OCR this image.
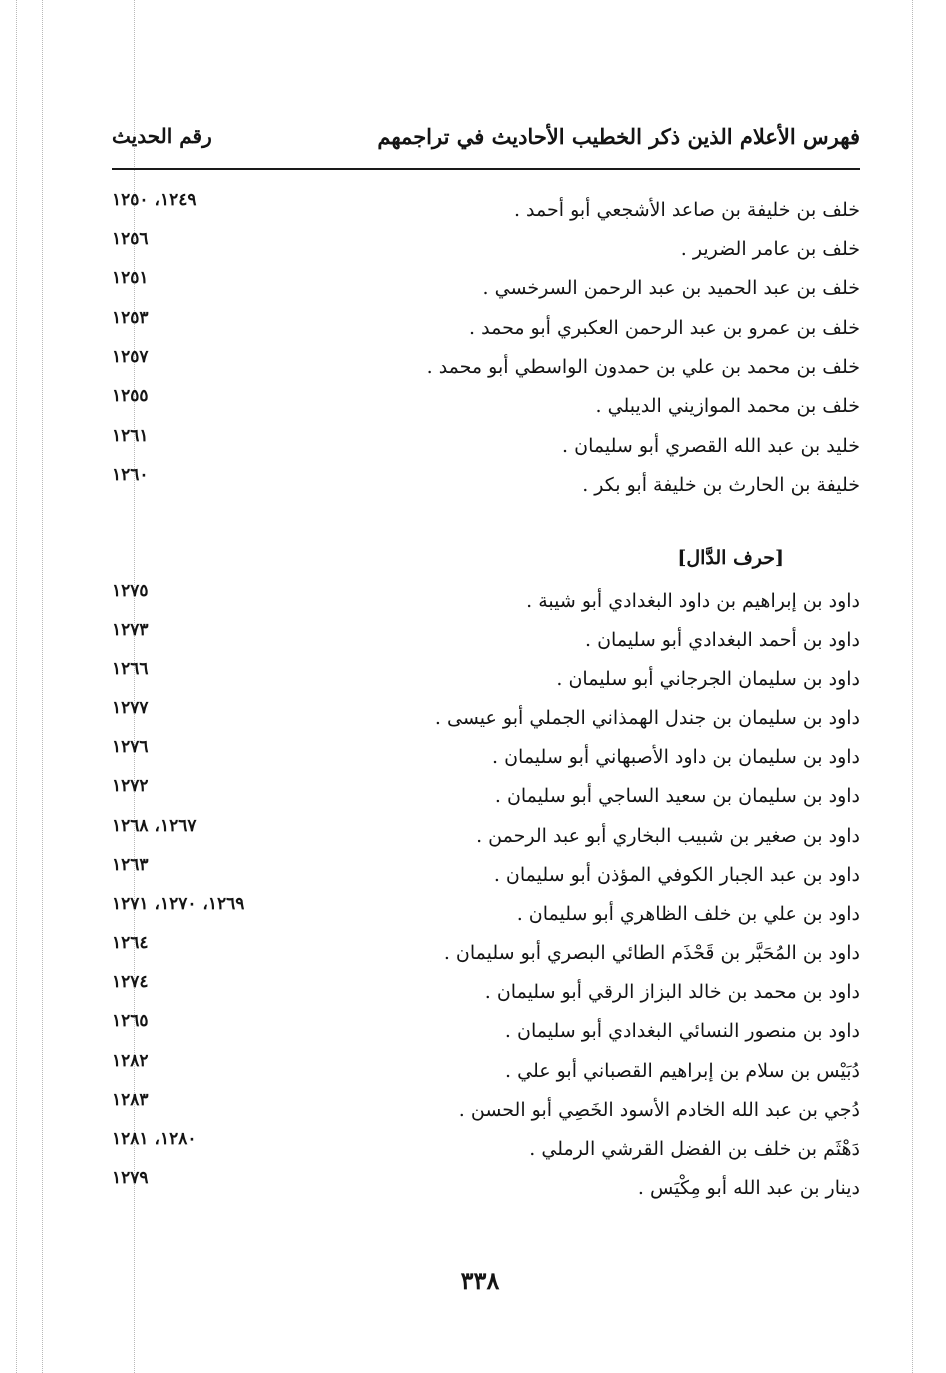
فهرس الأعلام الذين ذكر الخطيب الأحاديث في تراجمهم
رقم الحديث
خلف بن خليفة بن صاعد الأشجعي أبو أحمد .
١٢٤٩، ١٢٥٠
خلف بن عامر الضرير .
١٢٥٦
خلف بن عبد الحميد بن عبد الرحمن السرخسي .
١٢٥١
خلف بن عمرو بن عبد الرحمن العكبري أبو محمد .
١٢٥٣
خلف بن محمد بن علي بن حمدون الواسطي أبو محمد .
١٢٥٧
خلف بن محمد الموازيني الديبلي .
١٢٥٥
خليد بن عبد الله القصري أبو سليمان .
١٢٦١
خليفة بن الحارث بن خليفة أبو بكر .
١٢٦٠
[حرف الدَّال]
داود بن إبراهيم بن داود البغدادي أبو شيبة .
١٢٧٥
داود بن أحمد البغدادي أبو سليمان .
١٢٧٣
داود بن سليمان الجرجاني أبو سليمان .
١٢٦٦
داود بن سليمان بن جندل الهمذاني الجملي أبو عيسى .
١٢٧٧
داود بن سليمان بن داود الأصبهاني أبو سليمان .
١٢٧٦
داود بن سليمان بن سعيد الساجي أبو سليمان .
١٢٧٢
داود بن صغير بن شبيب البخاري أبو عبد الرحمن .
١٢٦٧، ١٢٦٨
داود بن عبد الجبار الكوفي المؤذن أبو سليمان .
١٢٦٣
داود بن علي بن خلف الظاهري أبو سليمان .
١٢٦٩، ١٢٧٠، ١٢٧١
داود بن المُحَبَّر بن قَحْذَم الطائي البصري أبو سليمان .
١٢٦٤
داود بن محمد بن خالد البزاز الرقي أبو سليمان .
١٢٧٤
داود بن منصور النسائي البغدادي أبو سليمان .
١٢٦٥
دُبَيْس بن سلام بن إبراهيم القصباني أبو علي .
١٢٨٢
دُجي بن عبد الله الخادم الأسود الخَصِي أبو الحسن .
١٢٨٣
دَهْثَم بن خلف بن الفضل القرشي الرملي .
١٢٨٠، ١٢٨١
دينار بن عبد الله أبو مِكْيَس .
١٢٧٩
٣٣٨
